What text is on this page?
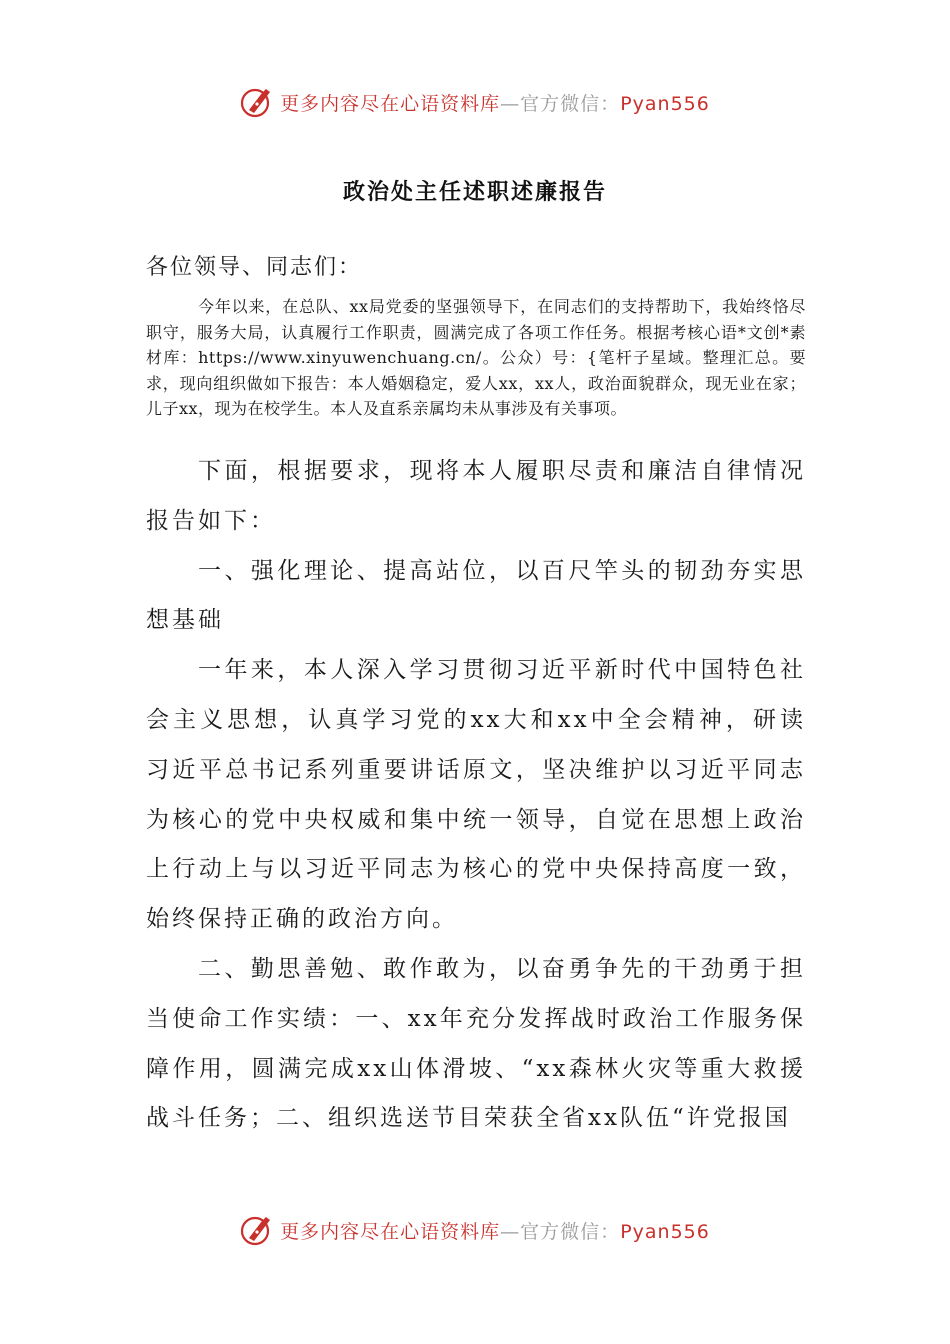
更多内容尽在心语资料库—官方微信：Pyan556
政治处主任述职述廉报告
各位领导、同志们：
今年以来，在总队、xx局党委的坚强领导下，在同志们的支持帮助下，我始终恪尽职守，服务大局，认真履行工作职责，圆满完成了各项工作任务。根据考核心语*文创*素材库：https://www.xinyuwenchuang.cn/。公众）号：{笔杆子星域。整理汇总。要求，现向组织做如下报告：本人婚姻稳定，爱人xx，xx人，政治面貌群众，现无业在家；儿子xx，现为在校学生。本人及直系亲属均未从事涉及有关事项。

下面，根据要求，现将本人履职尽责和廉洁自律情况报告如下：

一、强化理论、提高站位，以百尺竿头的韧劲夯实思想基础

一年来，本人深入学习贯彻习近平新时代中国特色社会主义思想，认真学习党的xx大和xx中全会精神，研读习近平总书记系列重要讲话原文，坚决维护以习近平同志为核心的党中央权威和集中统一领导，自觉在思想上政治上行动上与以习近平同志为核心的党中央保持高度一致，始终保持正确的政治方向。

二、勤思善勉、敢作敢为，以奋勇争先的干劲勇于担当使命工作实绩：一、xx年充分发挥战时政治工作服务保障作用，圆满完成xx山体滑坡、“xx森林火灾等重大救援战斗任务；二、组织选送节目荣获全省xx队伍“许党报国

更多内容尽在心语资料库—官方微信：Pyan556
